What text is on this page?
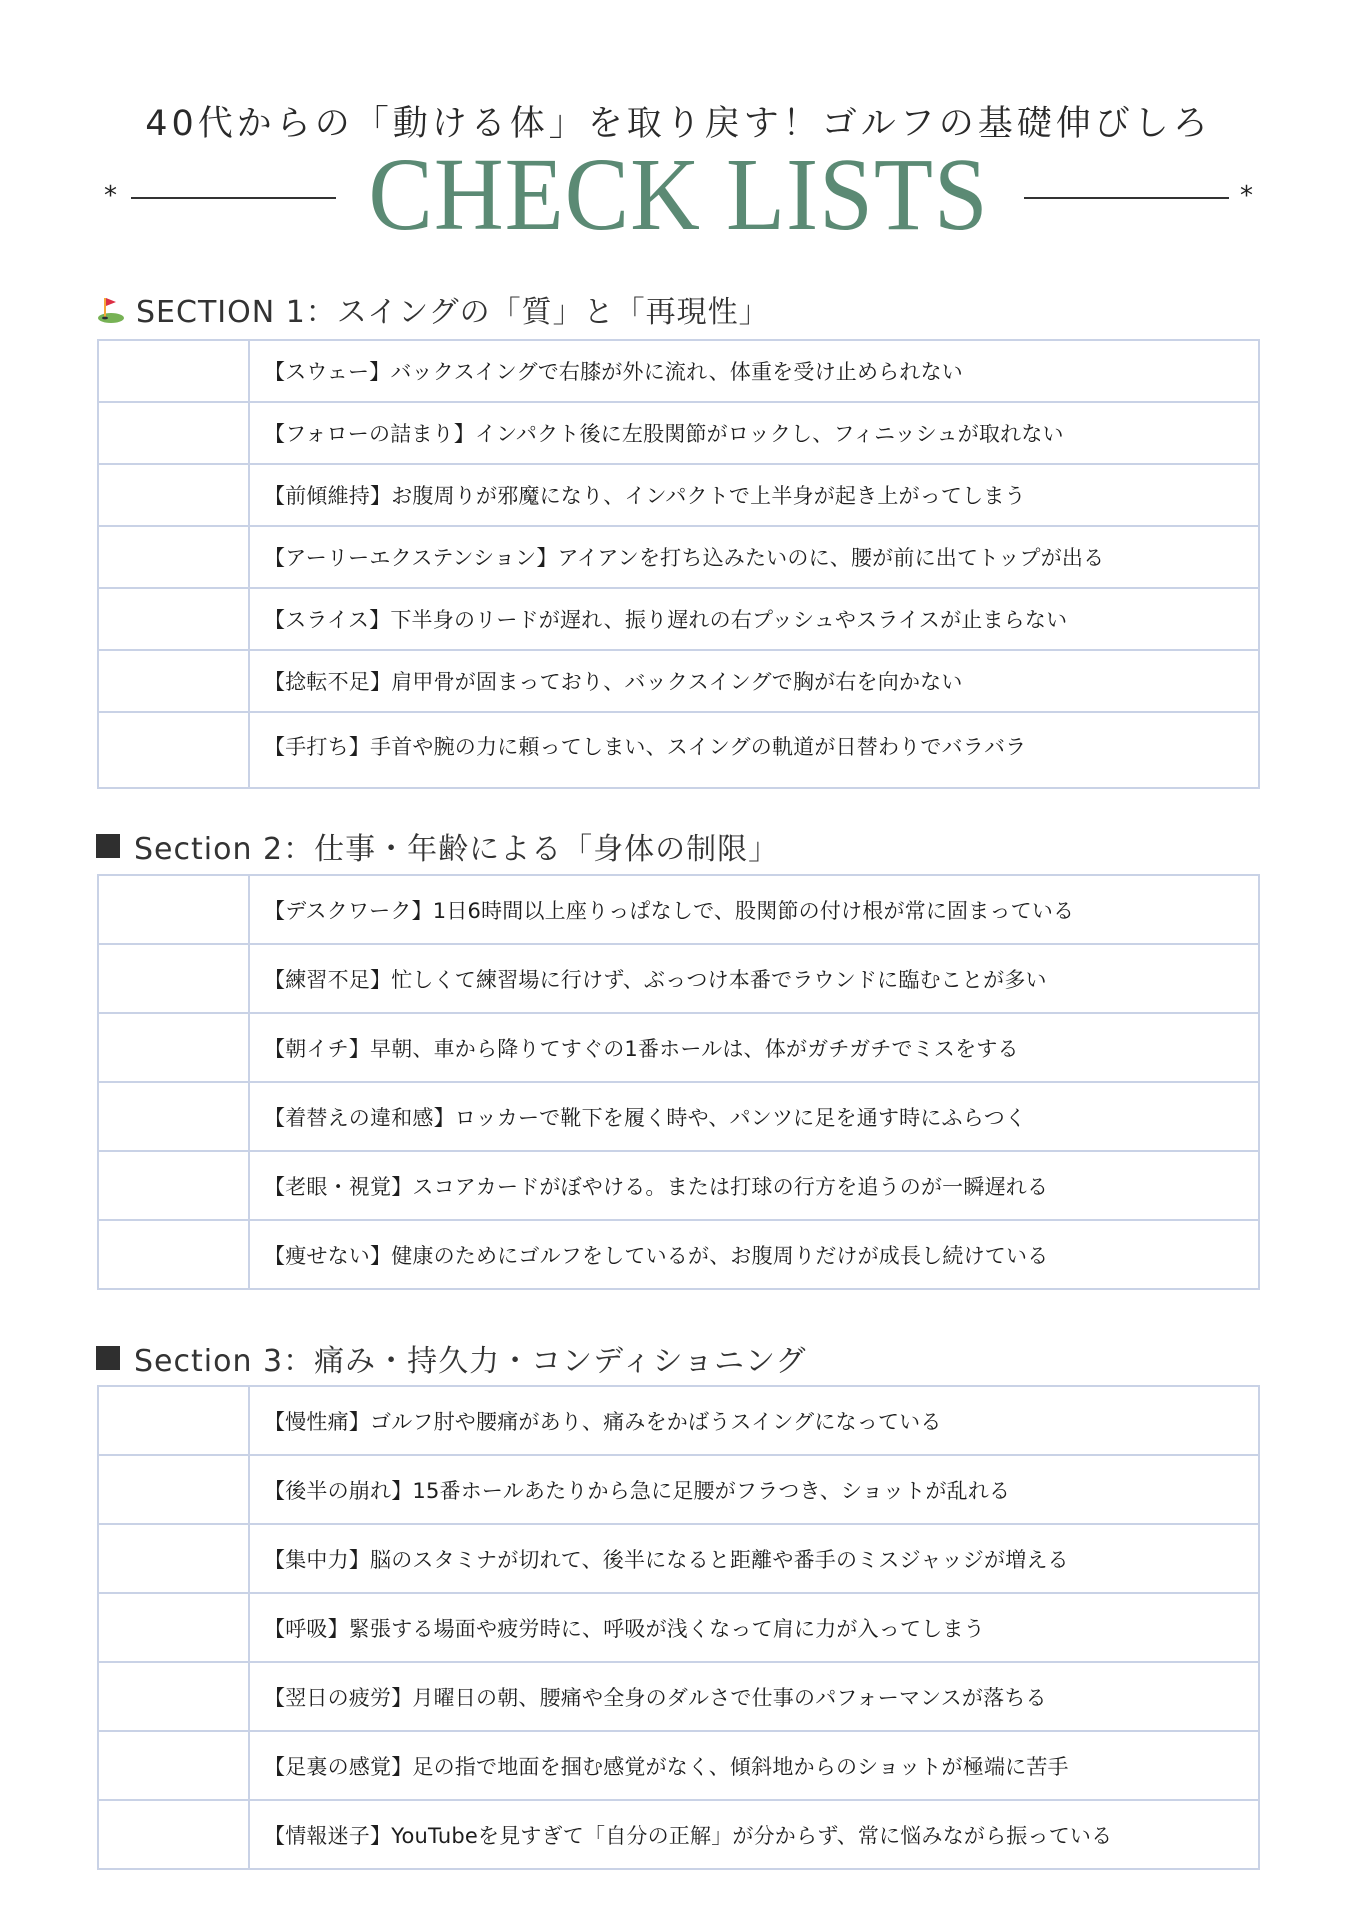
40代からの「動ける体」を取り戻す！ゴルフの基礎伸びしろ
*	CHECK LISTS	*
SECTION 1：スイングの「質」と「再現性」
	【スウェー】バックスイングで右膝が外に流れ、体重を受け止められない
	【フォローの詰まり】インパクト後に左股関節がロックし、フィニッシュが取れない
	【前傾維持】お腹周りが邪魔になり、インパクトで上半身が起き上がってしまう
	【アーリーエクステンション】アイアンを打ち込みたいのに、腰が前に出てトップが出る
	【スライス】下半身のリードが遅れ、振り遅れの右プッシュやスライスが止まらない
	【捻転不足】肩甲骨が固まっており、バックスイングで胸が右を向かない
	【手打ち】手首や腕の力に頼ってしまい、スイングの軌道が日替わりでバラバラ
Section 2：仕事・年齢による「身体の制限」
	【デスクワーク】1日6時間以上座りっぱなしで、股関節の付け根が常に固まっている
	【練習不足】忙しくて練習場に行けず、ぶっつけ本番でラウンドに臨むことが多い
	【朝イチ】早朝、車から降りてすぐの1番ホールは、体がガチガチでミスをする
	【着替えの違和感】ロッカーで靴下を履く時や、パンツに足を通す時にふらつく
	【老眼・視覚】スコアカードがぼやける。または打球の行方を追うのが一瞬遅れる
	【痩せない】健康のためにゴルフをしているが、お腹周りだけが成長し続けている
Section 3：痛み・持久力・コンディショニング
	【慢性痛】ゴルフ肘や腰痛があり、痛みをかばうスイングになっている
	【後半の崩れ】15番ホールあたりから急に足腰がフラつき、ショットが乱れる
	【集中力】脳のスタミナが切れて、後半になると距離や番手のミスジャッジが増える
	【呼吸】緊張する場面や疲労時に、呼吸が浅くなって肩に力が入ってしまう
	【翌日の疲労】月曜日の朝、腰痛や全身のダルさで仕事のパフォーマンスが落ちる
	【足裏の感覚】足の指で地面を掴む感覚がなく、傾斜地からのショットが極端に苦手
	【情報迷子】YouTubeを見すぎて「自分の正解」が分からず、常に悩みながら振っている
